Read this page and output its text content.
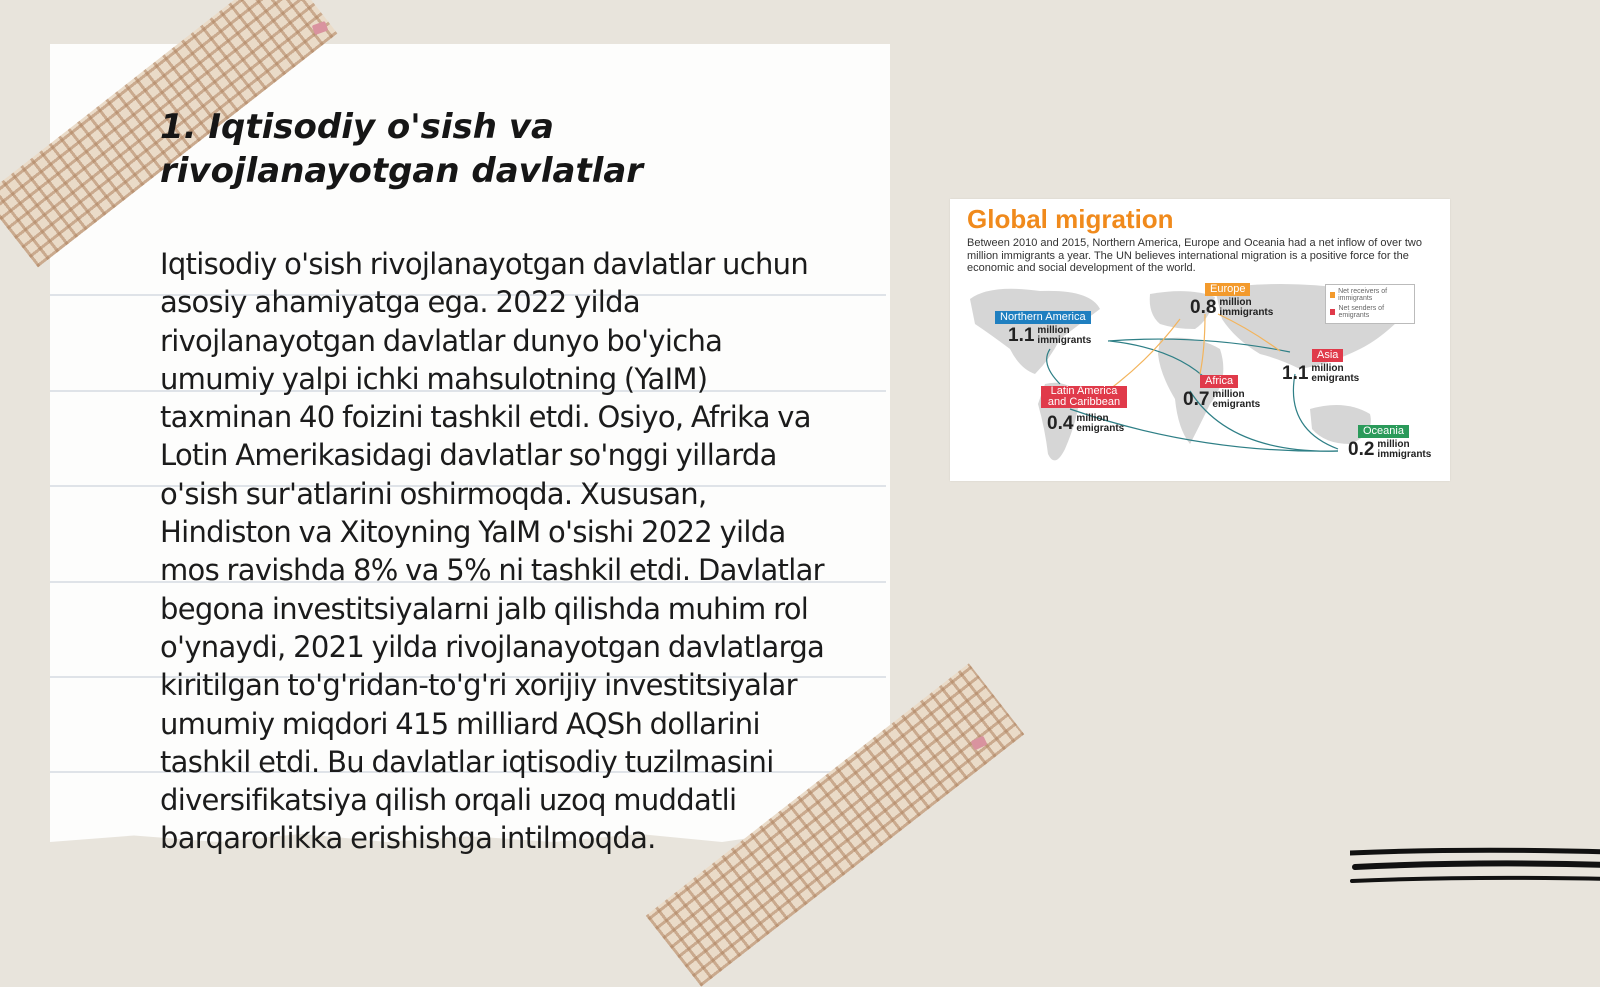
1. Iqtisodiy o'sish va rivojlanayotgan davlatlar

Iqtisodiy o'sish rivojlanayotgan davlatlar uchun asosiy ahamiyatga ega. 2022 yilda rivojlanayotgan davlatlar dunyo bo'yicha umumiy yalpi ichki mahsulotning (YaIM) taxminan 40 foizini tashkil etdi. Osiyo, Afrika va Lotin Amerikasidagi davlatlar so'nggi yillarda o'sish sur'atlarini oshirmoqda. Xususan, Hindiston va Xitoyning YaIM o'sishi 2022 yilda mos ravishda 8% va 5% ni tashkil etdi. Davlatlar begona investitsiyalarni jalb qilishda muhim rol o'ynaydi, 2021 yilda rivojlanayotgan davlatlarga kiritilgan to'g'ridan-to'g'ri xorijiy investitsiyalar umumiy miqdori 415 milliard AQSh dollarini tashkil etdi. Bu davlatlar iqtisodiy tuzilmasini diversifikatsiya qilish orqali uzoq muddatli barqarorlikka erishishga intilmoqda.

Global migration
Between 2010 and 2015, Northern America, Europe and Oceania had a net inflow of over two million immigrants a year. The UN believes international migration is a positive force for the economic and social development of the world.
Net receivers of immigrants
Net senders of emigrants
Northern America
1.1 million immigrants
Europe
0.8 million immigrants
Asia
1.1 million emigrants
Latin America and Caribbean
0.4 million emigrants
Africa
0.7 million emigrants
Oceania
0.2 million immigrants
